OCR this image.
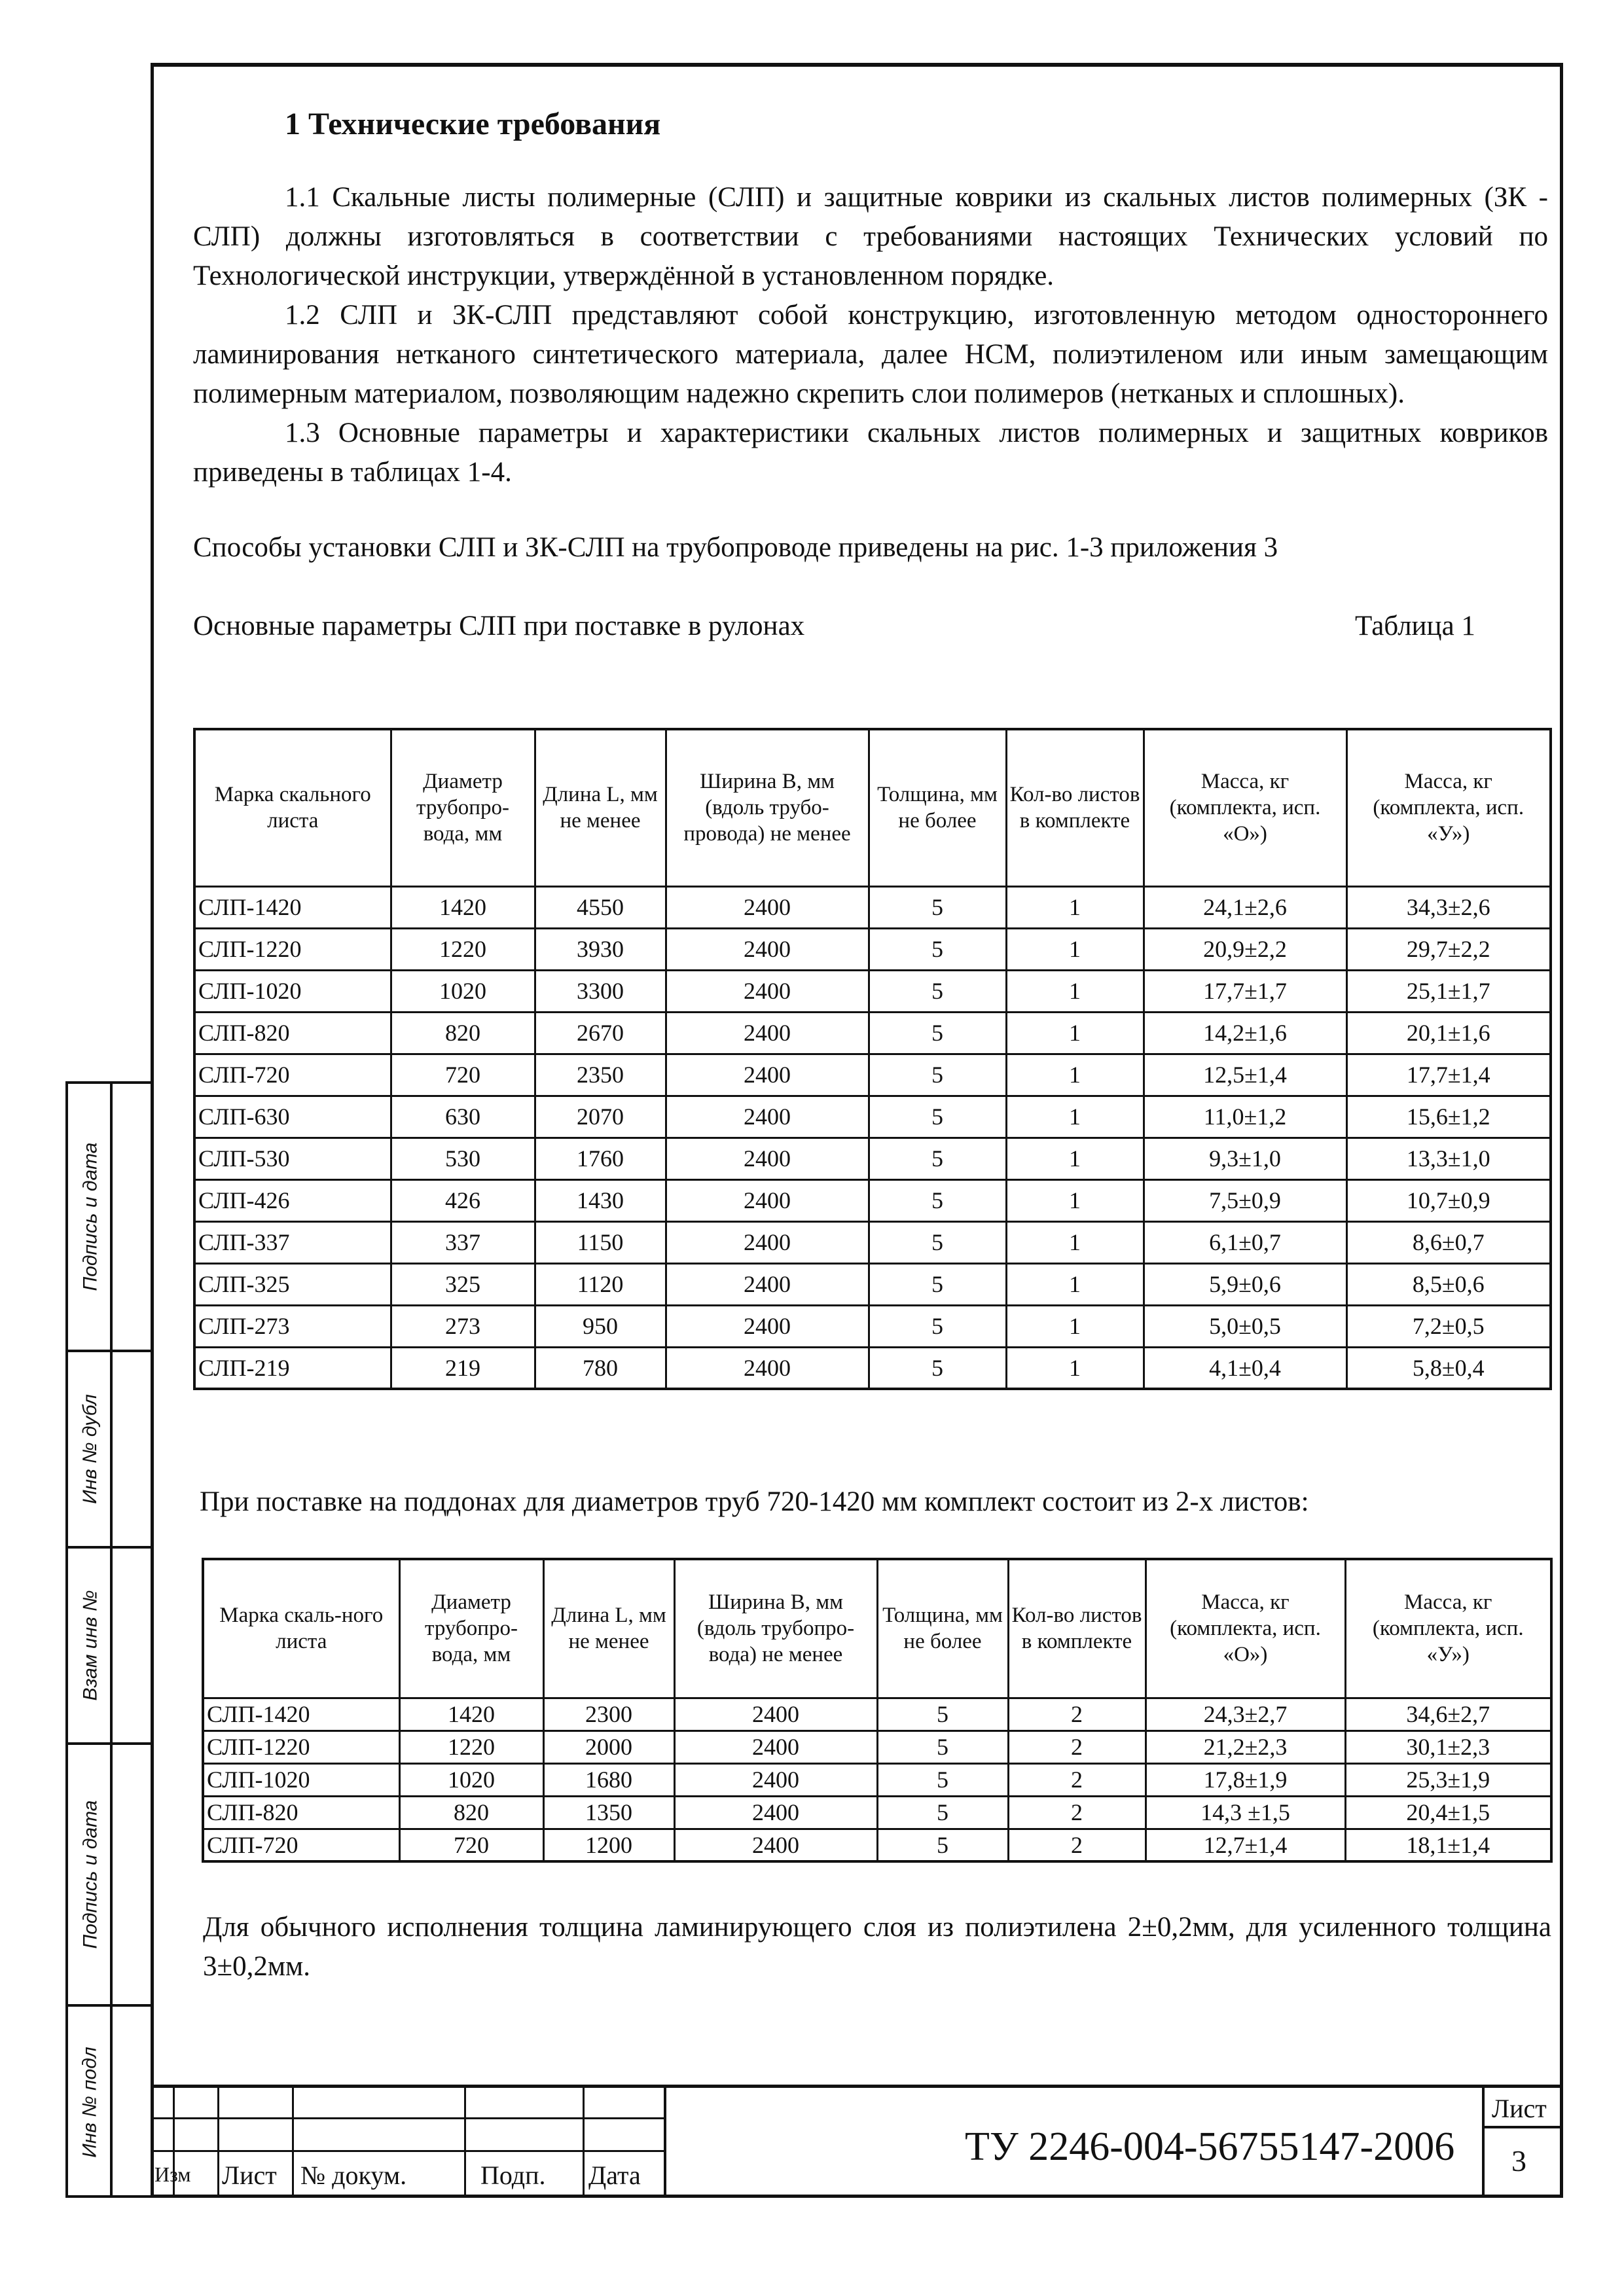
Подпись и дата
Инв № дубл
Взам инв №
Подпись и дата
Инв № подл
1 Технические требования

1.1 Скальные листы полимерные (СЛП) и защитные коврики из скальных листов полимерных (ЗК - СЛП) должны изготовляться в соответствии с требованиями настоящих Технических условий по Технологической инструкции, утверждённой в установленном порядке.

1.2 СЛП и ЗК-СЛП представляют собой конструкцию, изготовленную методом одностороннего ламинирования нетканого синтетического материала, далее НСМ, полиэтиленом или иным замещающим полимерным материалом, позволяющим надежно скрепить слои полимеров (нетканых и сплошных).

1.3 Основные параметры и характеристики скальных листов полимерных и защитных ковриков приведены в таблицах 1-4.

Способы установки СЛП и ЗК-СЛП на трубопроводе приведены на рис. 1-3 приложения 3
Основные параметры СЛП при поставке в рулонах	Таблица 1
Марка скального листа	Диаметр трубопро-вода, мм	Длина L, мм не менее	Ширина В, мм (вдоль трубо-провода) не менее	Толщина, мм не более	Кол-во листов в комплекте	Масса, кг (комплекта, исп. «О»)	Масса, кг (комплекта, исп. «У»)
СЛП-1420	1420	4550	2400	5	1	24,1±2,6	34,3±2,6
СЛП-1220	1220	3930	2400	5	1	20,9±2,2	29,7±2,2
СЛП-1020	1020	3300	2400	5	1	17,7±1,7	25,1±1,7
СЛП-820	820	2670	2400	5	1	14,2±1,6	20,1±1,6
СЛП-720	720	2350	2400	5	1	12,5±1,4	17,7±1,4
СЛП-630	630	2070	2400	5	1	11,0±1,2	15,6±1,2
СЛП-530	530	1760	2400	5	1	9,3±1,0	13,3±1,0
СЛП-426	426	1430	2400	5	1	7,5±0,9	10,7±0,9
СЛП-337	337	1150	2400	5	1	6,1±0,7	8,6±0,7
СЛП-325	325	1120	2400	5	1	5,9±0,6	8,5±0,6
СЛП-273	273	950	2400	5	1	5,0±0,5	7,2±0,5
СЛП-219	219	780	2400	5	1	4,1±0,4	5,8±0,4
При поставке на поддонах для диаметров труб 720-1420 мм комплект состоит из 2-х листов:
Марка скаль-ного листа	Диаметр трубопро-вода, мм	Длина L, мм не менее	Ширина В, мм (вдоль трубопро-вода) не менее	Толщина, мм не более	Кол-во листов в комплекте	Масса, кг (комплекта, исп. «О»)	Масса, кг (комплекта, исп. «У»)
СЛП-1420	1420	2300	2400	5	2	24,3±2,7	34,6±2,7
СЛП-1220	1220	2000	2400	5	2	21,2±2,3	30,1±2,3
СЛП-1020	1020	1680	2400	5	2	17,8±1,9	25,3±1,9
СЛП-820	820	1350	2400	5	2	14,3 ±1,5	20,4±1,5
СЛП-720	720	1200	2400	5	2	12,7±1,4	18,1±1,4

Для обычного исполнения толщина ламинирующего слоя из полиэтилена 2±0,2мм, для усиленного толщина 3±0,2мм.

Изм Лист № докум.	Подп. Дата
ТУ 2246-004-56755147-2006
Лист
3
